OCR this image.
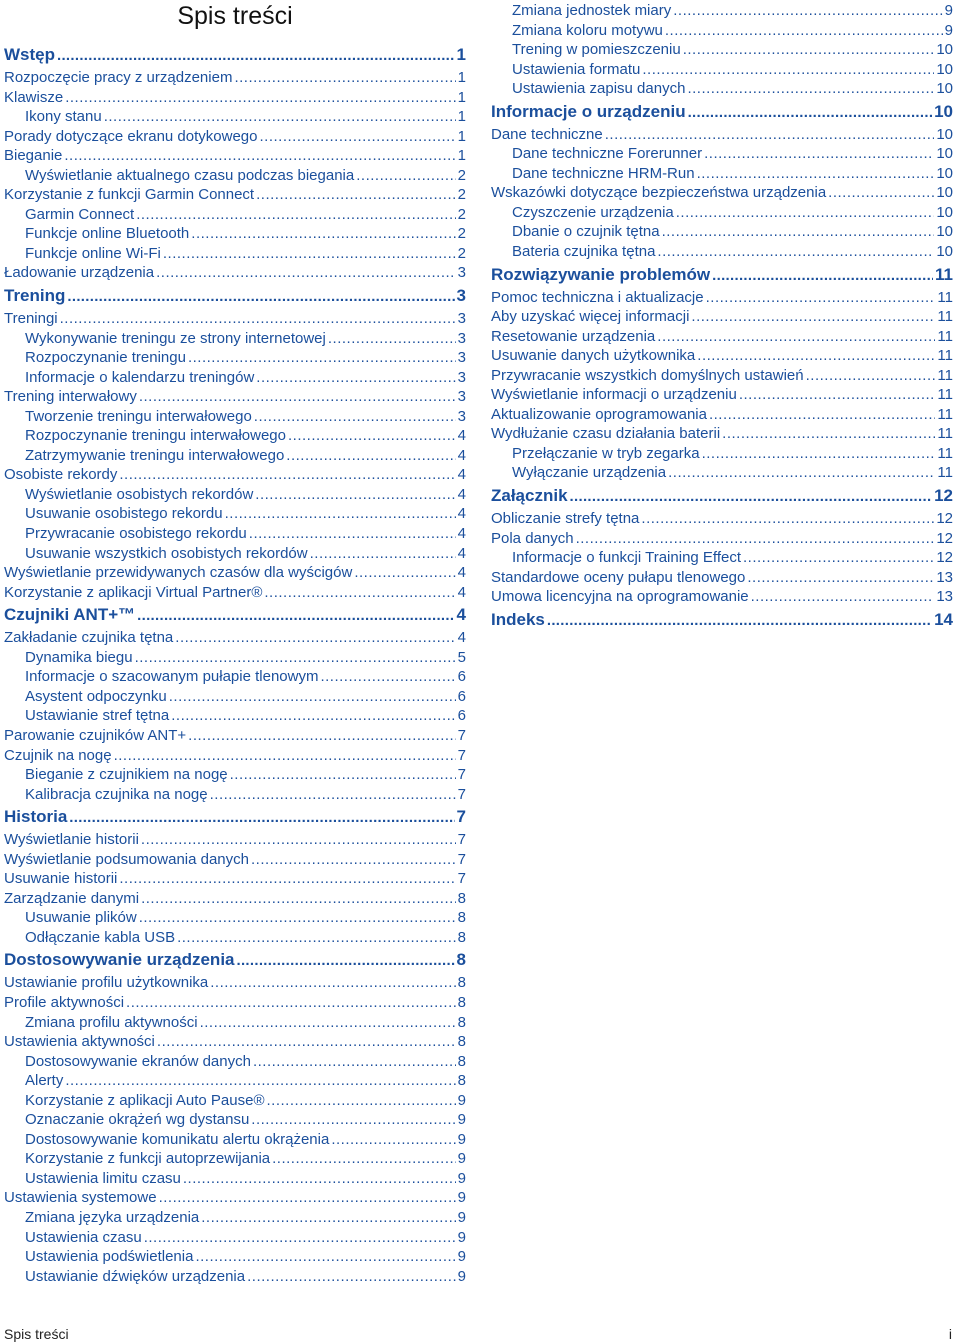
Spis treści
Wstęp .....	1
Rozpoczęcie pracy z urządzeniem .....	1
Klawisze .....	1
Ikony stanu .....	1
Porady dotyczące ekranu dotykowego .....	1
Bieganie .....	1
Wyświetlanie aktualnego czasu podczas biegania .....	2
Korzystanie z funkcji Garmin Connect .....	2
Garmin Connect .....	2
Funkcje online Bluetooth .....	2
Funkcje online Wi‑Fi .....	2
Ładowanie urządzenia .....	3
Trening .....	3
Treningi .....	3
Wykonywanie treningu ze strony internetowej .....	3
Rozpoczynanie treningu .....	3
Informacje o kalendarzu treningów .....	3
Trening interwałowy .....	3
Tworzenie treningu interwałowego .....	3
Rozpoczynanie treningu interwałowego .....	4
Zatrzymywanie treningu interwałowego .....	4
Osobiste rekordy .....	4
Wyświetlanie osobistych rekordów .....	4
Usuwanie osobistego rekordu .....	4
Przywracanie osobistego rekordu .....	4
Usuwanie wszystkich osobistych rekordów .....	4
Wyświetlanie przewidywanych czasów dla wyścigów .....	4
Korzystanie z aplikacji Virtual Partner® .....	4
Czujniki ANT+™ .....	4
Zakładanie czujnika tętna .....	4
Dynamika biegu .....	5
Informacje o szacowanym pułapie tlenowym .....	6
Asystent odpoczynku .....	6
Ustawianie stref tętna .....	6
Parowanie czujników ANT+ .....	7
Czujnik na nogę .....	7
Bieganie z czujnikiem na nogę .....	7
Kalibracja czujnika na nogę .....	7
Historia .....	7
Wyświetlanie historii .....	7
Wyświetlanie podsumowania danych .....	7
Usuwanie historii .....	7
Zarządzanie danymi .....	8
Usuwanie plików .....	8
Odłączanie kabla USB .....	8
Dostosowywanie urządzenia .....	8
Ustawianie profilu użytkownika .....	8
Profile aktywności .....	8
Zmiana profilu aktywności .....	8
Ustawienia aktywności .....	8
Dostosowywanie ekranów danych .....	8
Alerty .....	8
Korzystanie z aplikacji Auto Pause® .....	9
Oznaczanie okrążeń wg dystansu .....	9
Dostosowywanie komunikatu alertu okrążenia .....	9
Korzystanie z funkcji autoprzewijania .....	9
Ustawienia limitu czasu .....	9
Ustawienia systemowe .....	9
Zmiana języka urządzenia .....	9
Ustawienia czasu .....	9
Ustawienia podświetlenia .....	9
Ustawianie dźwięków urządzenia .....	9
Zmiana jednostek miary .....	9
Zmiana koloru motywu .....	9
Trening w pomieszczeniu .....	10
Ustawienia formatu .....	10
Ustawienia zapisu danych .....	10
Informacje o urządzeniu .....	10
Dane techniczne .....	10
Dane techniczne Forerunner .....	10
Dane techniczne HRM-Run .....	10
Wskazówki dotyczące bezpieczeństwa urządzenia .....	10
Czyszczenie urządzenia .....	10
Dbanie o czujnik tętna .....	10
Bateria czujnika tętna .....	10
Rozwiązywanie problemów .....	11
Pomoc techniczna i aktualizacje .....	11
Aby uzyskać więcej informacji .....	11
Resetowanie urządzenia .....	11
Usuwanie danych użytkownika .....	11
Przywracanie wszystkich domyślnych ustawień .....	11
Wyświetlanie informacji o urządzeniu .....	11
Aktualizowanie oprogramowania .....	11
Wydłużanie czasu działania baterii .....	11
Przełączanie w tryb zegarka .....	11
Wyłączanie urządzenia .....	11
Załącznik .....	12
Obliczanie strefy tętna .....	12
Pola danych .....	12
Informacje o funkcji Training Effect .....	12
Standardowe oceny pułapu tlenowego .....	13
Umowa licencyjna na oprogramowanie .....	13
Indeks .....	14
Spis treści	i
